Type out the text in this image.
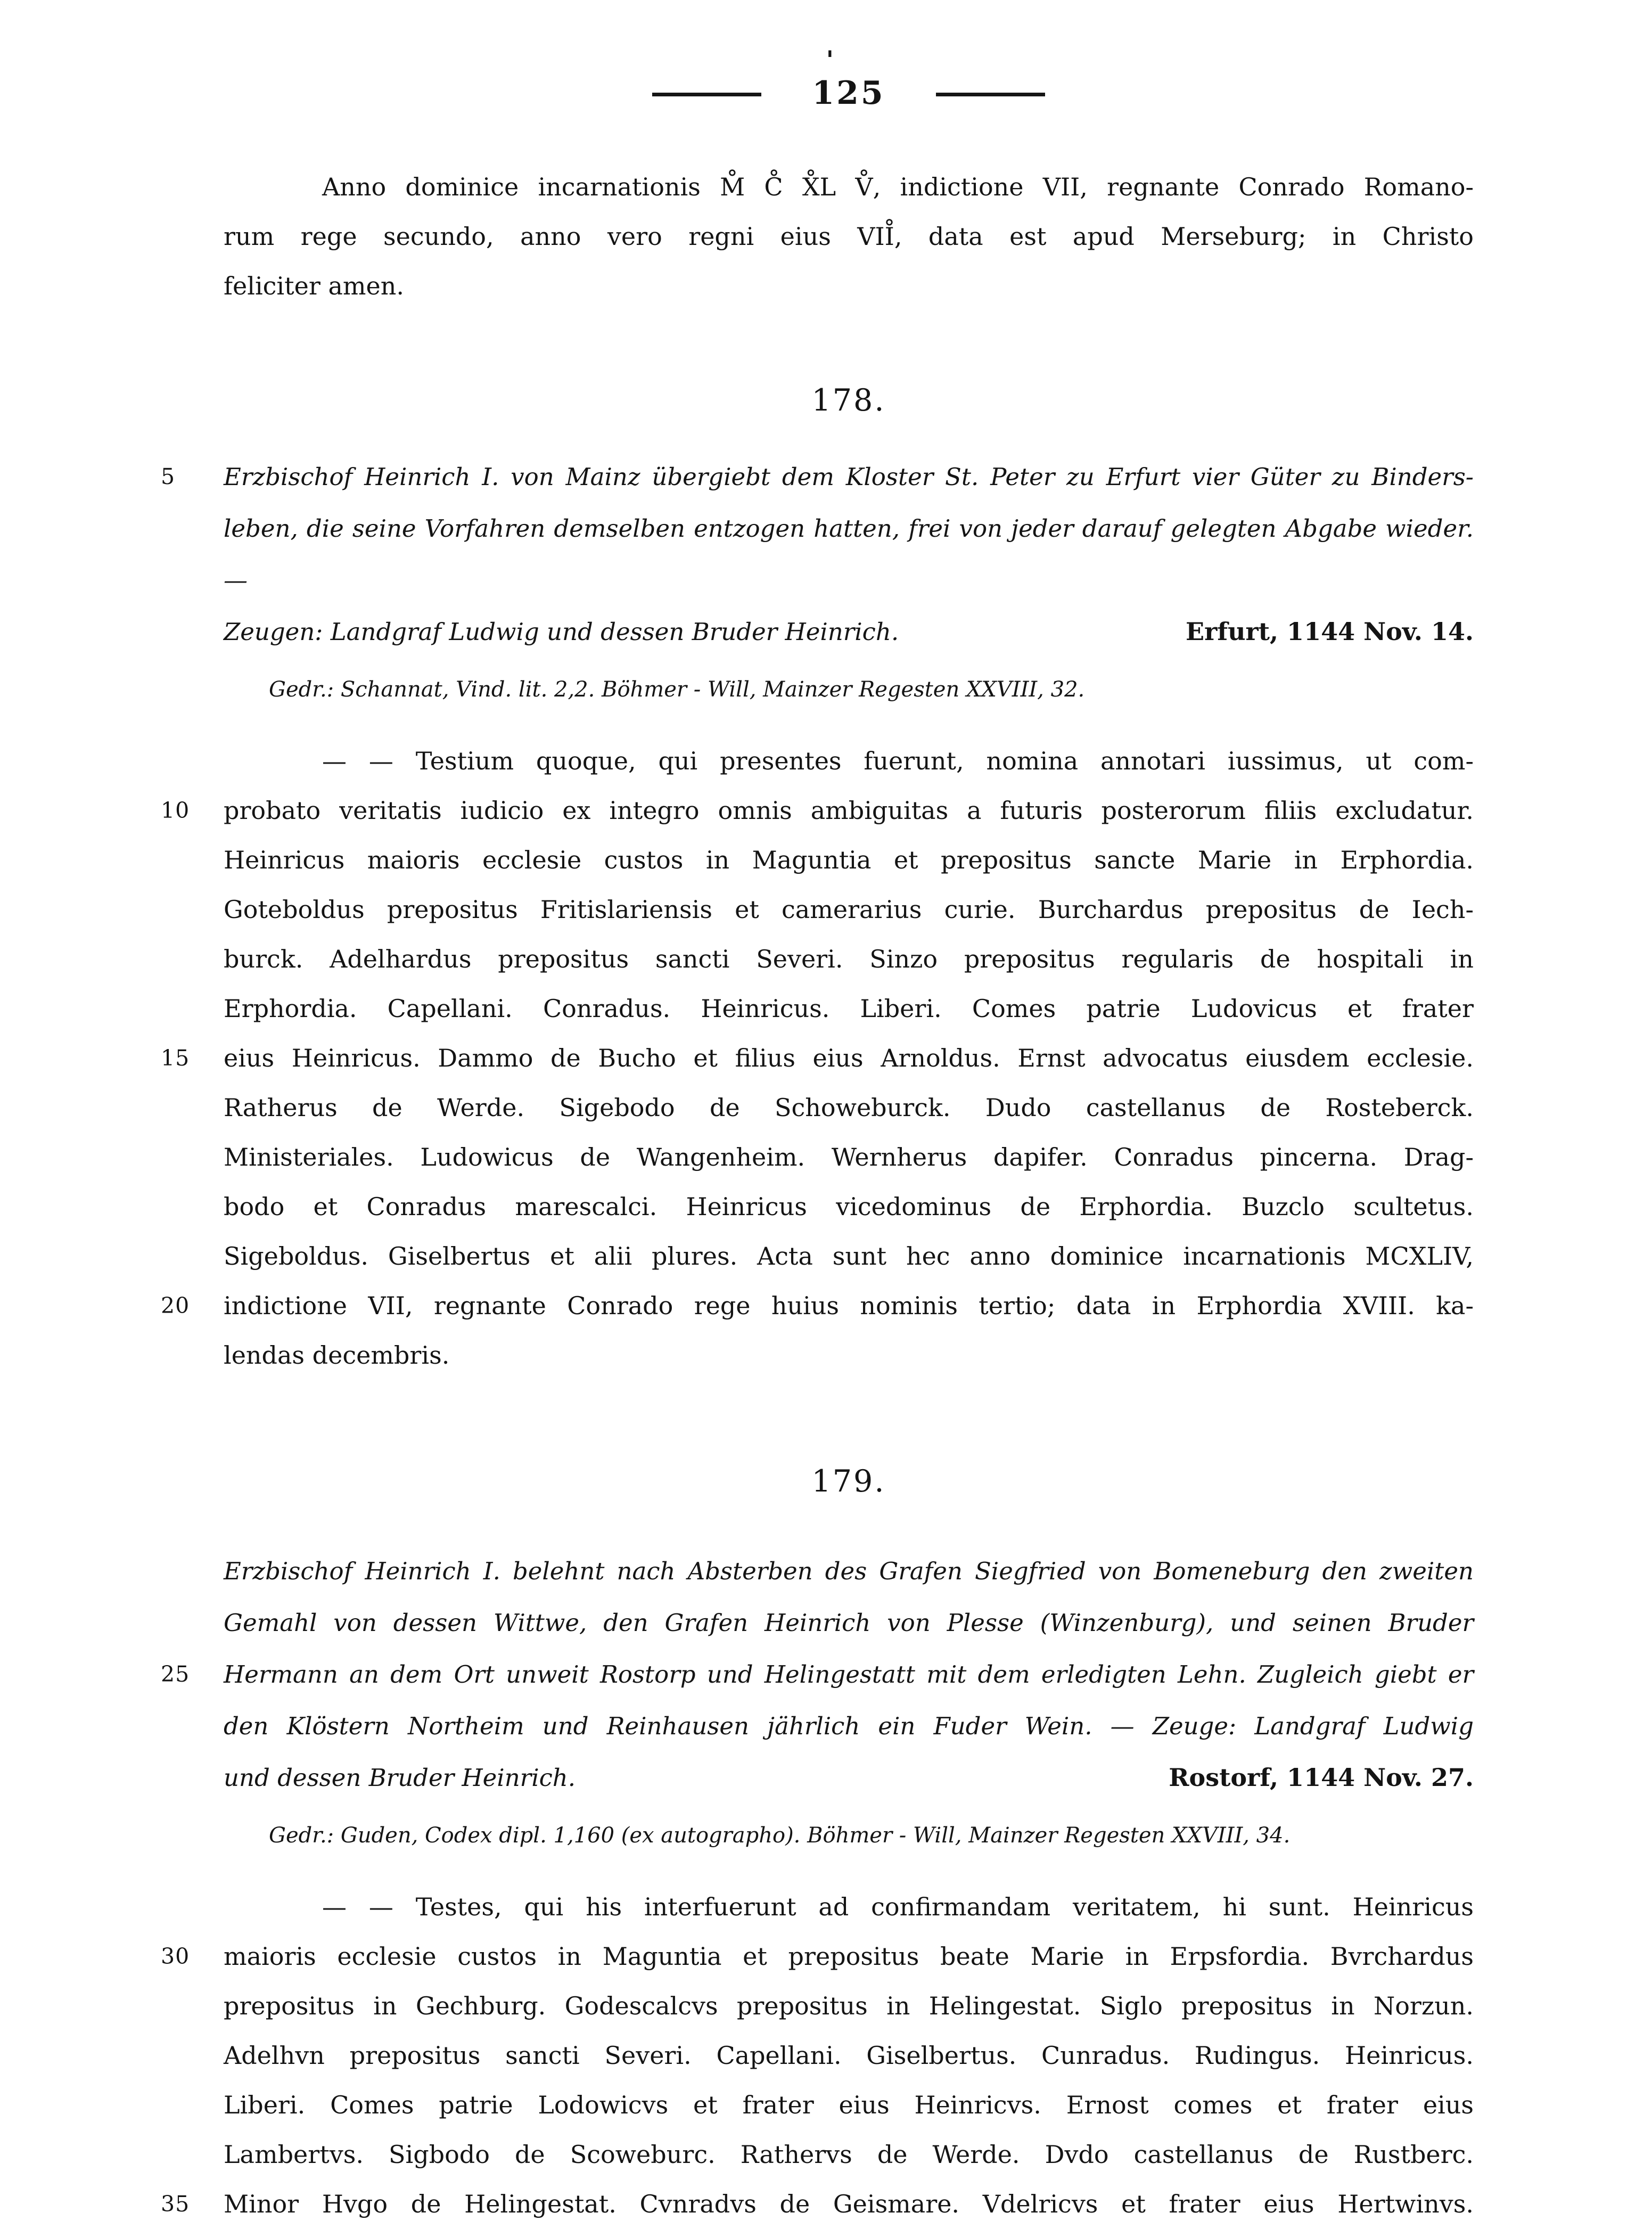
'
125
Anno dominice incarnationis M̊ C̊ X̊L V̊, indictione VII, regnante Conrado Romano-
rum rege secundo, anno vero regni eius VII̊, data est apud Merseburg; in Christo
feliciter amen.
178.
5	Erzbischof Heinrich I. von Mainz übergiebt dem Kloster St. Peter zu Erfurt vier Güter zu Binders-
leben, die seine Vorfahren demselben entzogen hatten, frei von jeder darauf gelegten Abgabe wieder. —
Zeugen: Landgraf Ludwig und dessen Bruder Heinrich.	Erfurt, 1144 Nov. 14.
Gedr.: Schannat, Vind. lit. 2,2. Böhmer - Will, Mainzer Regesten XXVIII, 32.
— — Testium quoque, qui presentes fuerunt, nomina annotari iussimus, ut com-
10	probato veritatis iudicio ex integro omnis ambiguitas a futuris posterorum filiis excludatur.
Heinricus maioris ecclesie custos in Maguntia et prepositus sancte Marie in Erphordia.
Goteboldus prepositus Fritislariensis et camerarius curie. Burchardus prepositus de Iech-
burck. Adelhardus prepositus sancti Severi. Sinzo prepositus regularis de hospitali in
Erphordia. Capellani. Conradus. Heinricus. Liberi. Comes patrie Ludovicus et frater
15	eius Heinricus. Dammo de Bucho et filius eius Arnoldus. Ernst advocatus eiusdem ecclesie.
Ratherus de Werde. Sigebodo de Schoweburck. Dudo castellanus de Rosteberck.
Ministeriales. Ludowicus de Wangenheim. Wernherus dapifer. Conradus pincerna. Drag-
bodo et Conradus marescalci. Heinricus vicedominus de Erphordia. Buzclo scultetus.
Sigeboldus. Giselbertus et alii plures. Acta sunt hec anno dominice incarnationis MCXLIV,
20	indictione VII, regnante Conrado rege huius nominis tertio; data in Erphordia XVIII. ka-
lendas decembris.
179.
Erzbischof Heinrich I. belehnt nach Absterben des Grafen Siegfried von Bomeneburg den zweiten
Gemahl von dessen Wittwe, den Grafen Heinrich von Plesse (Winzenburg), und seinen Bruder
25	Hermann an dem Ort unweit Rostorp und Helingestatt mit dem erledigten Lehn. Zugleich giebt er
den Klöstern Northeim und Reinhausen jährlich ein Fuder Wein. — Zeuge: Landgraf Ludwig
und dessen Bruder Heinrich.	Rostorf, 1144 Nov. 27.
Gedr.: Guden, Codex dipl. 1,160 (ex autographo). Böhmer - Will, Mainzer Regesten XXVIII, 34.
— — Testes, qui his interfuerunt ad confirmandam veritatem, hi sunt. Heinricus
30	maioris ecclesie custos in Maguntia et prepositus beate Marie in Erpsfordia. Bvrchardus
prepositus in Gechburg. Godescalcvs prepositus in Helingestat. Siglo prepositus in Norzun.
Adelhvn prepositus sancti Severi. Capellani. Giselbertus. Cunradus. Rudingus. Heinricus.
Liberi. Comes patrie Lodowicvs et frater eius Heinricvs. Ernost comes et frater eius
Lambertvs. Sigbodo de Scoweburc. Rathervs de Werde. Dvdo castellanus de Rustberc.
35	Minor Hvgo de Helingestat. Cvnradvs de Geismare. Vdelricvs et frater eius Hertwinvs.
